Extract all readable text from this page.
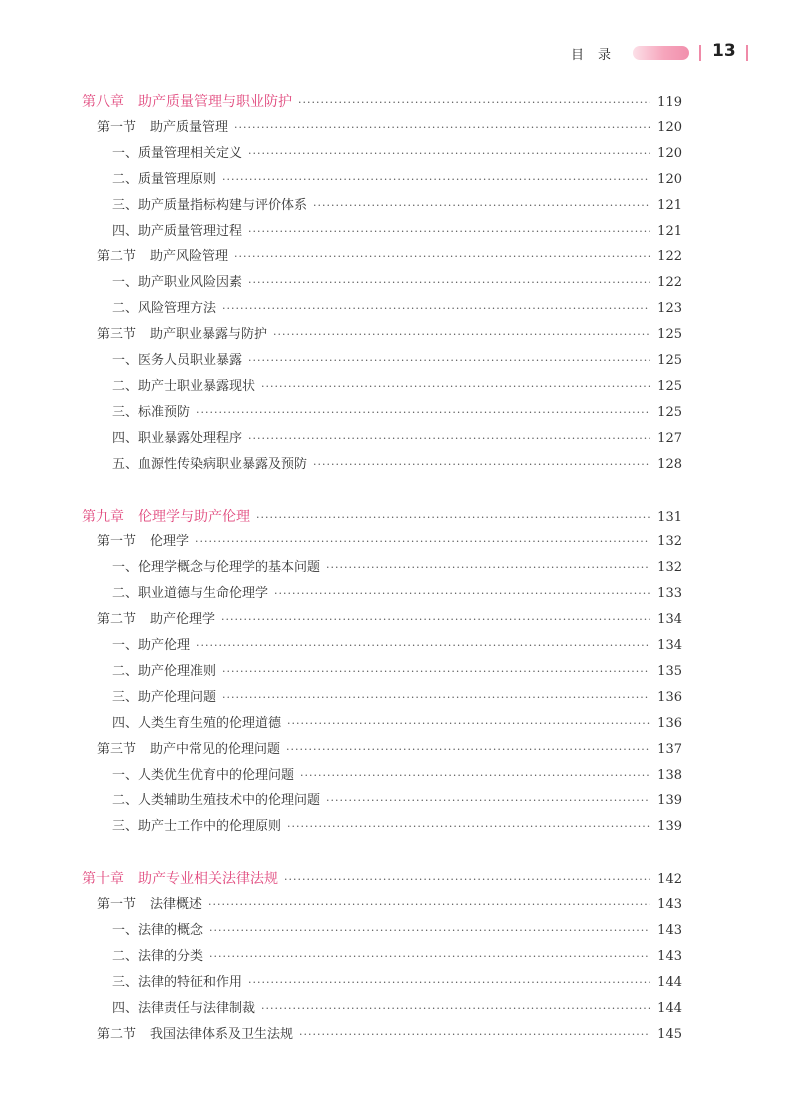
目录	13
第八章 助产质量管理与职业防护 ·····	119
第一节 助产质量管理 ·····	120
一、质量管理相关定义 ·····	120
二、质量管理原则 ·····	120
三、助产质量指标构建与评价体系 ·····	121
四、助产质量管理过程 ·····	121
第二节 助产风险管理 ·····	122
一、助产职业风险因素 ·····	122
二、风险管理方法 ·····	123
第三节 助产职业暴露与防护 ·····	125
一、医务人员职业暴露 ·····	125
二、助产士职业暴露现状 ·····	125
三、标准预防 ·····	125
四、职业暴露处理程序 ·····	127
五、血源性传染病职业暴露及预防 ·····	128
第九章 伦理学与助产伦理 ·····	131
第一节 伦理学 ·····	132
一、伦理学概念与伦理学的基本问题 ·····	132
二、职业道德与生命伦理学 ·····	133
第二节 助产伦理学 ·····	134
一、助产伦理 ·····	134
二、助产伦理准则 ·····	135
三、助产伦理问题 ·····	136
四、人类生育生殖的伦理道德 ·····	136
第三节 助产中常见的伦理问题 ·····	137
一、人类优生优育中的伦理问题 ·····	138
二、人类辅助生殖技术中的伦理问题 ·····	139
三、助产士工作中的伦理原则 ·····	139
第十章 助产专业相关法律法规 ·····	142
第一节 法律概述 ·····	143
一、法律的概念 ·····	143
二、法律的分类 ·····	143
三、法律的特征和作用 ·····	144
四、法律责任与法律制裁 ·····	144
第二节 我国法律体系及卫生法规 ·····	145
